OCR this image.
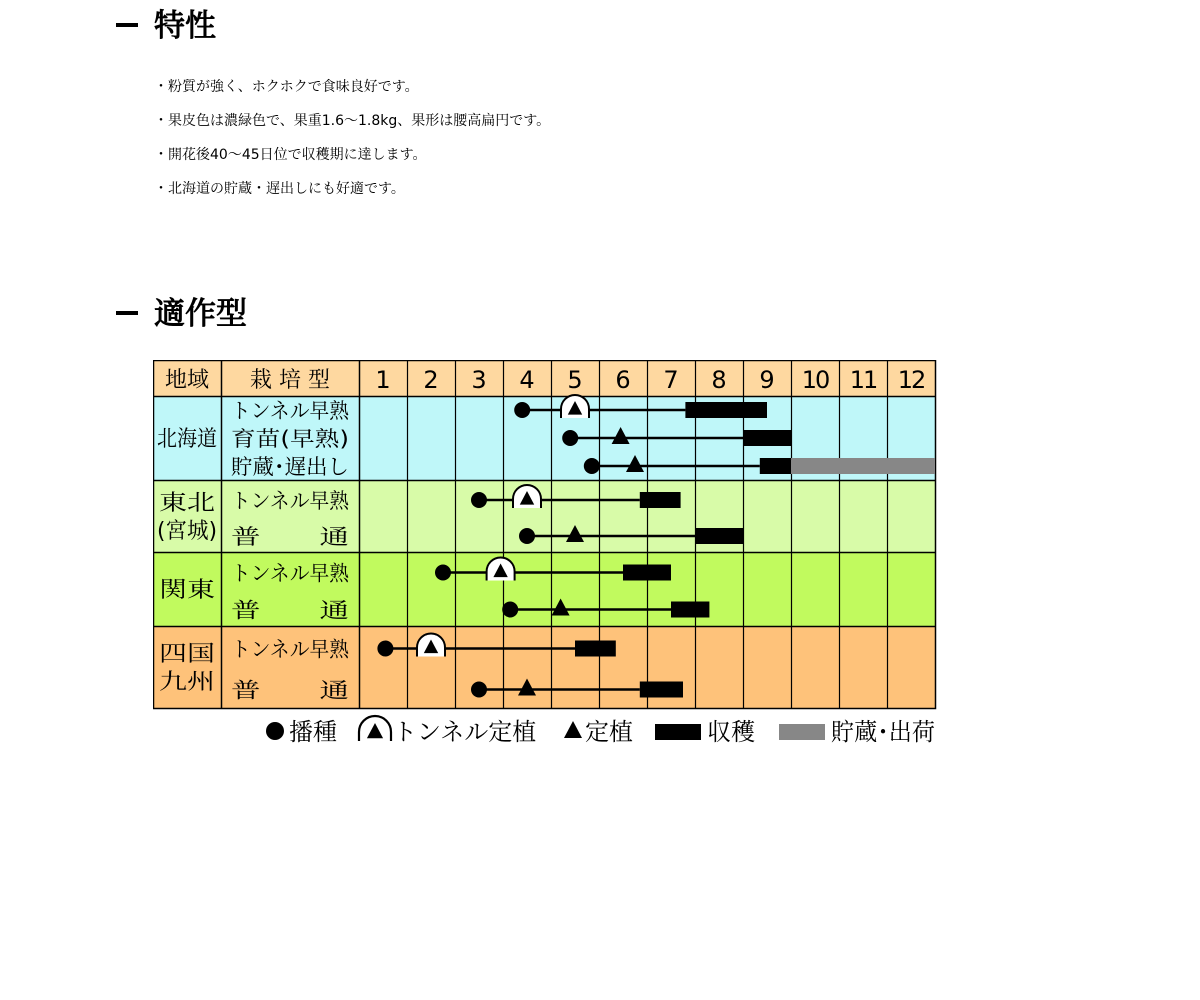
特性
・粉質が強く、ホクホクで食味良好です。
・果皮色は濃緑色で、果重1.6〜1.8kg、果形は腰高扁円です。
・開花後40〜45日位で収穫期に達します。
・北海道の貯蔵・遅出しにも好適です。
適作型
地域 栽 培 型 1 2 3 4 5 6 7 8 9 10 11 12
北海道
トンネル早熟
育苗(早熟)
貯蔵･遅出し
東北
(宮城)
トンネル早熟
普　　通
関東
トンネル早熟
普　　通
四国
九州
トンネル早熟
普　　通
播種 トンネル定植 定植	収穫	貯蔵･出荷
